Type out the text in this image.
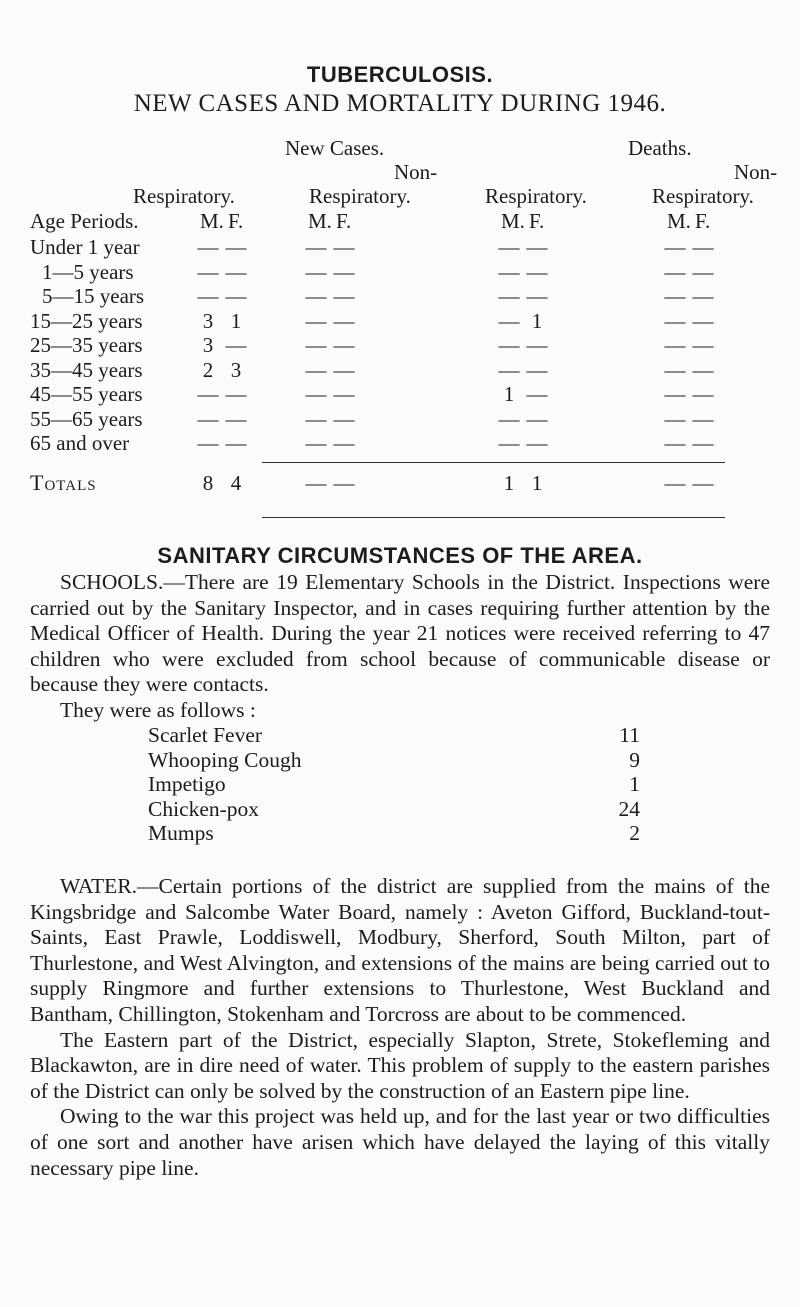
TUBERCULOSIS.
NEW CASES AND MORTALITY DURING 1946.
New Cases.	Deaths.
Non-	Non-
Respiratory.	Respiratory.	Respiratory.	Respiratory.
Age Periods.	M. F.	M. F.	M. F.	M. F.
Under 1 year	— —	— —	— —	— —
1—5 years	— —	— —	— —	— —
5—15 years	— —	— —	— —	— —
15—25 years	3 1	— —	— 1	— —
25—35 years	3 —	— —	— —	— —
35—45 years	2 3	— —	— —	— —
45—55 years	— —	— —	1 —	— —
55—65 years	— —	— —	— —	— —
65 and over	— —	— —	— —	— —
Totals	8 4	— —	1 1	— —
SANITARY CIRCUMSTANCES OF THE AREA.

SCHOOLS.—There are 19 Elementary Schools in the District. Inspections were carried out by the Sanitary Inspector, and in cases requiring further attention by the Medical Officer of Health. During the year 21 notices were received referring to 47 children who were excluded from school because of communicable disease or because they were contacts.

They were as follows :

Scarlet Fever	11
Whooping Cough	9
Impetigo	1
Chicken-pox	24
Mumps	2

WATER.—Certain portions of the district are supplied from the mains of the Kingsbridge and Salcombe Water Board, namely : Aveton Gifford, Buckland-tout-Saints, East Prawle, Loddiswell, Modbury, Sherford, South Milton, part of Thurlestone, and West Alvington, and extensions of the mains are being carried out to supply Ringmore and further extensions to Thurlestone, West Buckland and Bantham, Chillington, Stokenham and Torcross are about to be commenced.

The Eastern part of the District, especially Slapton, Strete, Stokefleming and Blackawton, are in dire need of water. This problem of supply to the eastern parishes of the District can only be solved by the construction of an Eastern pipe line.

Owing to the war this project was held up, and for the last year or two difficulties of one sort and another have arisen which have delayed the laying of this vitally necessary pipe line.
